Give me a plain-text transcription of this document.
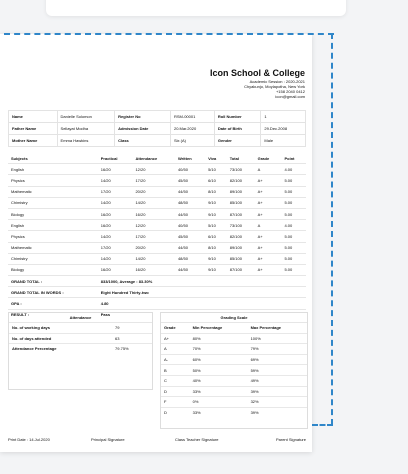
Icon School & College
Academic Session : 2020-2021
Chyakunjo, Moylapotha, New York
+158 2040 0412
icon@gmail.com
Name	Danielle Solomon	Register No	RSM-00001	Roll Number	1
Father Name	Sellayat Modha	Admission Date	20.Mar.2020	Date of Birth	29.Dec.2008
Mother Name	Emma Hawkins	Class	Six (A)	Gender	Male
Subjects	Practical	Attendance	Written	Viva	Total	Grade	Point
English	16/20	12/20	40/50	5/10	73/100	A	4.00
Physics	14/20	17/20	45/50	6/10	82/100	A+	5.00
Mathematic	17/20	20/20	44/50	8/10	89/100	A+	5.00
Chimistry	14/20	14/20	48/50	9/10	85/100	A+	5.00
Biology	16/20	16/20	44/50	9/10	87/100	A+	5.00
English	16/20	12/20	40/50	5/10	73/100	A	4.00
Physics	14/20	17/20	45/50	6/10	82/100	A+	5.00
Mathematic	17/20	20/20	44/50	8/10	89/100	A+	5.00
Chimistry	14/20	14/20	48/50	9/10	85/100	A+	5.00
Biology	16/20	16/20	44/50	9/10	87/100	A+	5.00
GRAND TOTAL :	833/1000, Average : 83.30%						
GRAND TOTAL IN WORDS :	Eight Hundred Thirty-two						
GPA :	4.80						
RESULT :	Pass						
Attendance
No. of working days	79
No. of days attended	63
Attendance Percentage	79.75%
Grading Scale
Grade	Min Percentage	Max Percentage
A+	80%	100%
A	70%	79%
A-	60%	69%
B	50%	59%
C	40%	49%
D	33%	39%
F	0%	32%
D	33%	39%
Print Date : 14.Jul.2020	Principal Signature	Class Teacher Signature	Parent Signature
